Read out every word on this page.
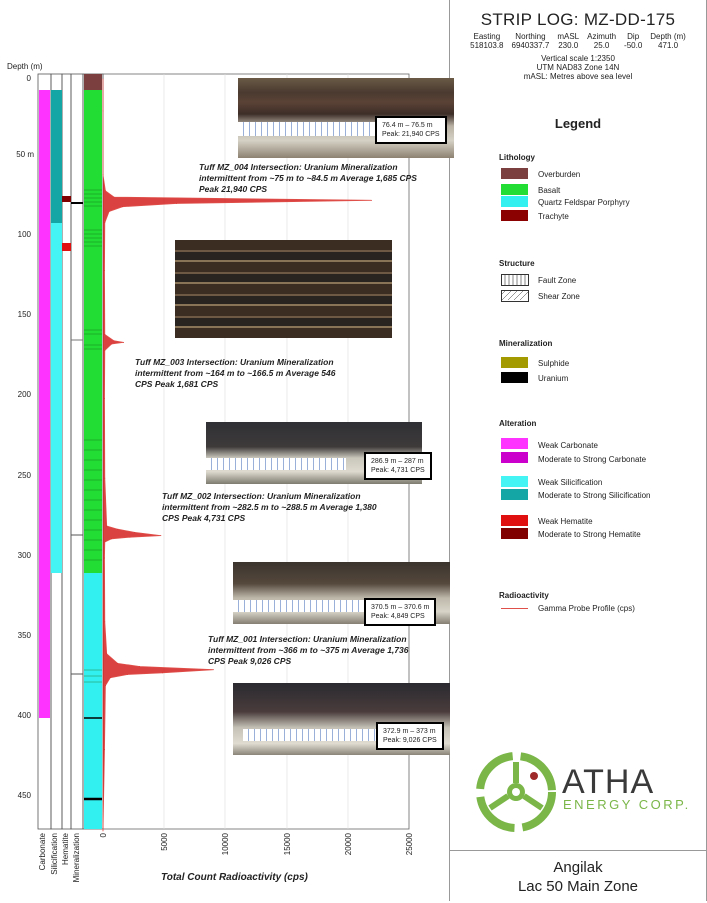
STRIP LOG: MZ-DD-175
Easting	Northing	mASL	Azimuth	Dip	Depth (m)
518103.8	6940337.7	230.0	25.0	-50.0	471.0
Vertical scale 1:2350
UTM NAD83 Zone 14N
mASL: Metres above sea level
Legend
Lithology
Overburden
Basalt
Quartz Feldspar Porphyry
Trachyte
Structure
Fault Zone
Shear Zone
Mineralization
Sulphide
Uranium
Alteration
Weak Carbonate
Moderate to Strong Carbonate
Weak Silicification
Moderate to Strong Silicification
Weak Hematite
Moderate to Strong Hematite
Radioactivity
Gamma Probe Profile (cps)
ATHA
ENERGY CORP.
Angilak
Lac 50 Main Zone
Depth (m)
0
50 m
100
150
200
250
300
350
400
450
Carbonate Silicification Hematite Mineralization 0	5000	10000	15000	20000	25000
Total Count Radioactivity (cps)
76.4 m – 76.5 m
Peak: 21,940 CPS
286.9 m – 287 m
Peak: 4,731 CPS
370.5 m – 370.6 m
Peak: 4,849 CPS
372.9 m – 373 m
Peak: 9,026 CPS
Tuff MZ_004 Intersection: Uranium Mineralization intermittent from ~75 m to ~84.5 m Average 1,685 CPS Peak 21,940 CPS
Tuff MZ_003 Intersection: Uranium Mineralization intermittent from ~164 m to ~166.5 m Average 546 CPS Peak 1,681 CPS
Tuff MZ_002 Intersection: Uranium Mineralization intermittent from ~282.5 m to ~288.5 m Average 1,380 CPS Peak 4,731 CPS
Tuff MZ_001 Intersection: Uranium Mineralization intermittent from ~366 m to ~375 m Average 1,736 CPS Peak 9,026 CPS
